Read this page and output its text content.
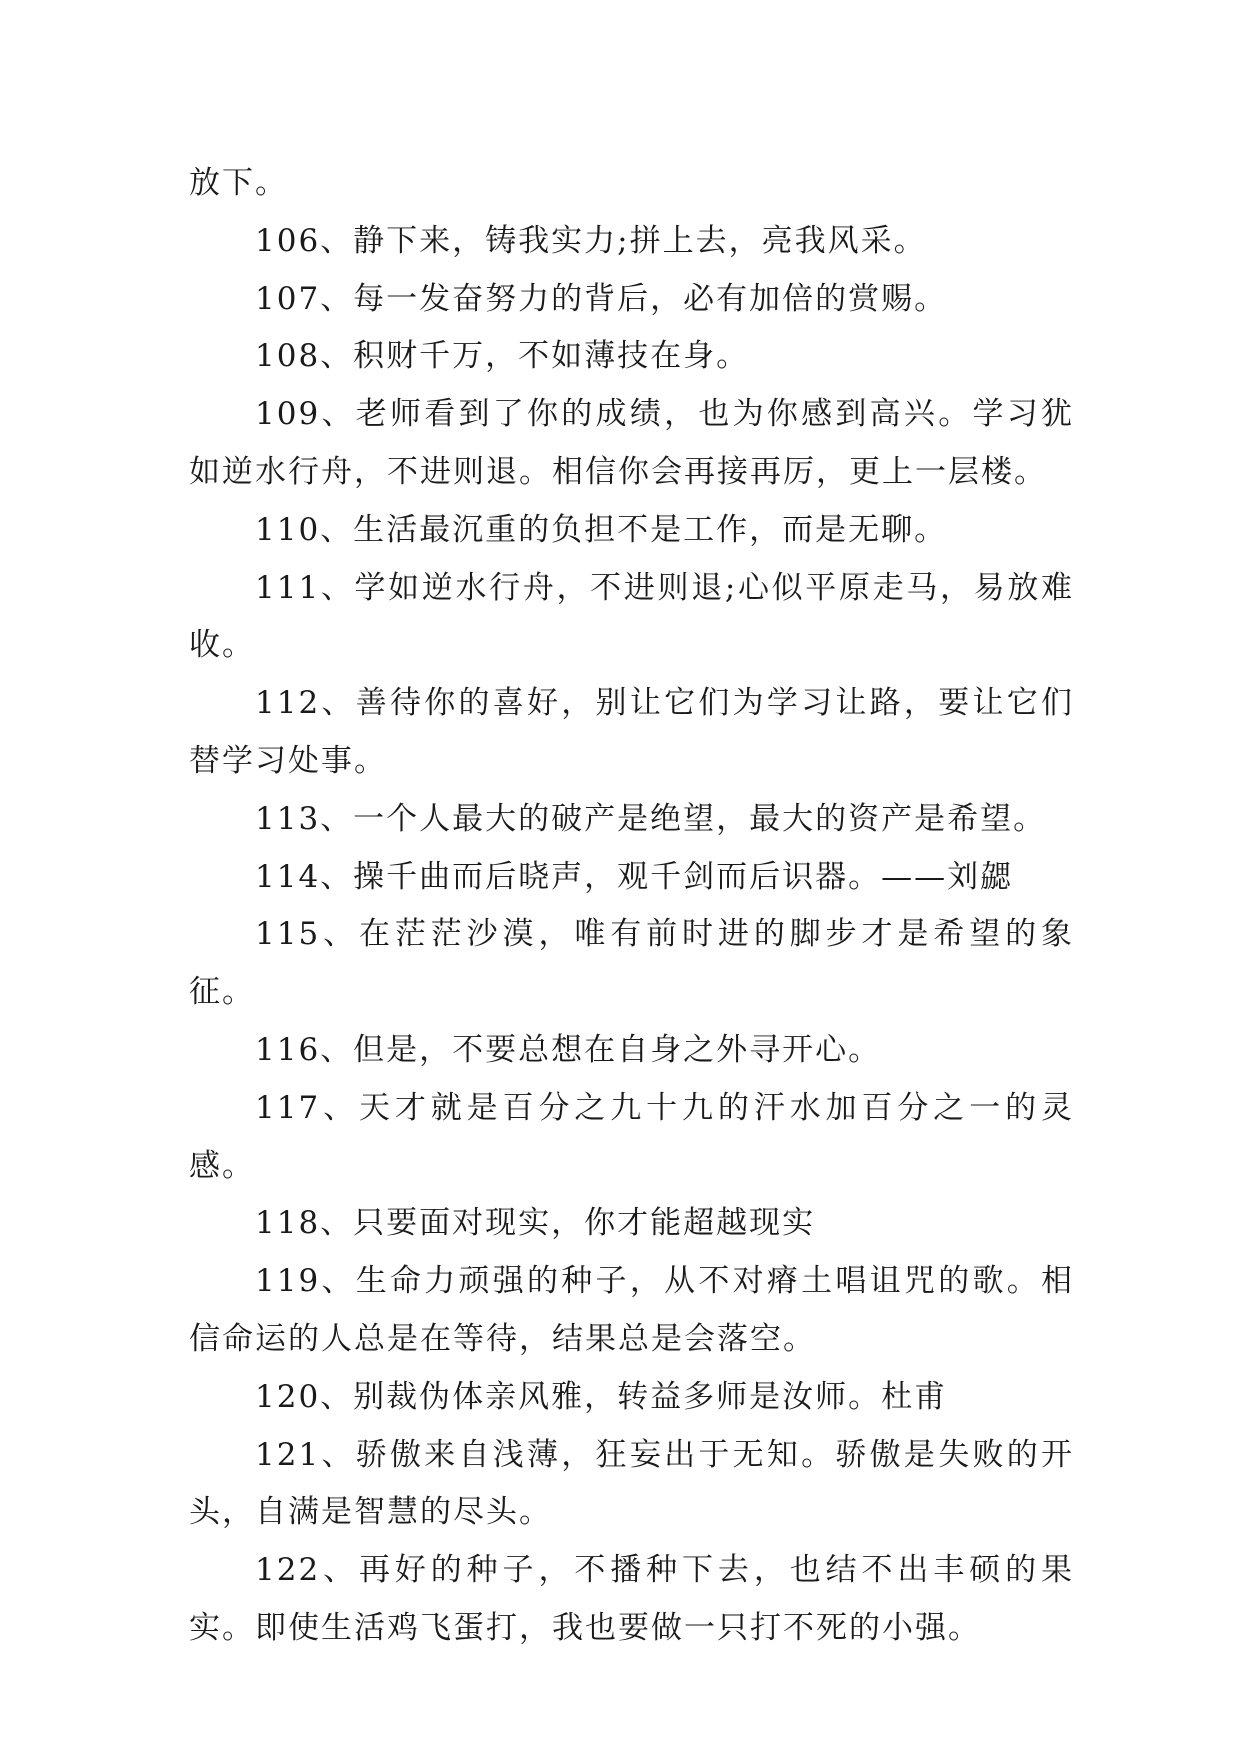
放下。

106、静下来，铸我实力;拼上去，亮我风采。

107、每一发奋努力的背后，必有加倍的赏赐。

108、积财千万，不如薄技在身。

109、老师看到了你的成绩，也为你感到高兴。学习犹如逆水行舟，不进则退。相信你会再接再厉，更上一层楼。

110、生活最沉重的负担不是工作，而是无聊。

111、学如逆水行舟，不进则退;心似平原走马，易放难收。

112、善待你的喜好，别让它们为学习让路，要让它们替学习处事。

113、一个人最大的破产是绝望，最大的资产是希望。

114、操千曲而后晓声，观千剑而后识器。——刘勰

115、在茫茫沙漠，唯有前时进的脚步才是希望的象征。

116、但是，不要总想在自身之外寻开心。

117、天才就是百分之九十九的汗水加百分之一的灵感。

118、只要面对现实，你才能超越现实

119、生命力顽强的种子，从不对瘠土唱诅咒的歌。相信命运的人总是在等待，结果总是会落空。

120、别裁伪体亲风雅，转益多师是汝师。杜甫

121、骄傲来自浅薄，狂妄出于无知。骄傲是失败的开头，自满是智慧的尽头。

122、再好的种子，不播种下去，也结不出丰硕的果实。即使生活鸡飞蛋打，我也要做一只打不死的小强。
